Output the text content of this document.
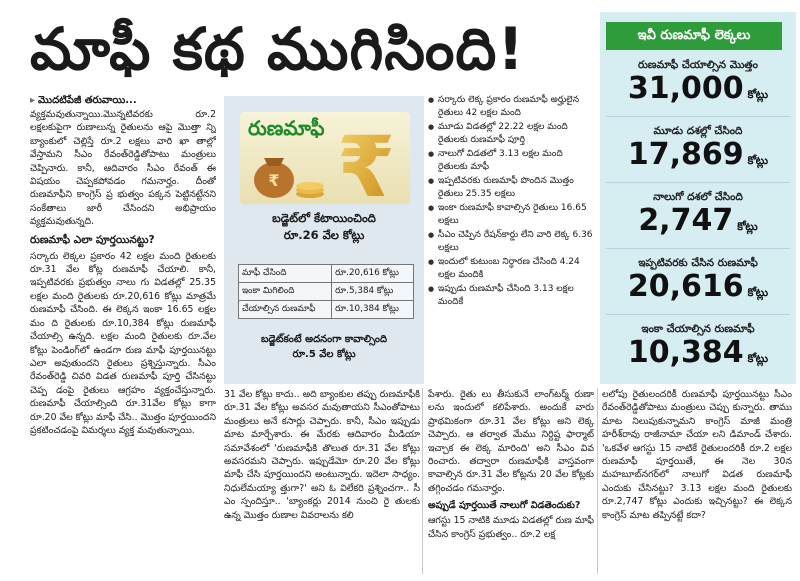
మాఫీ కథ ముగిసింది!
▸ మొదటిపేజీ తరువాయి...

వ్యక్తమవుతున్నాయి.మొన్నటివరకు రూ.2 లక్షలకుపైగా రుణాలున్న రైతులను ఆపై మొత్తా న్ని బ్యాంకులో చెల్లిస్తే రూ.2 లక్షలు వారి ఖా తాల్లో వేస్తామని సీఎం రేవంత్‌రెడ్డితోపాటు మంత్రులు చెప్పినారు. కానీ, ఆదివారం సీఎం రేవంత్ ఈ విషయం చెప్పకపోవడం గమనార్హం. దీంతో రుణమాఫీని కాంగ్రెస్ ప్ర భుత్వం పక్కన పెట్టినట్టేనని సంకేతాలు జారీ చేసిందని అభిప్రాయం వ్యక్తమవుతున్నది.

రుణమాఫీ ఎలా పూర్తయినట్టు?

సర్కారు లెక్కల ప్రకారం 42 లక్షల మంది రైతులకు రూ.31 వేల కోట్ల రుణమాఫీ చేయాలి. కానీ, ఇప్పటివరకు ప్రభుత్వం నాలు గు విడతల్లో 25.35 లక్షల మంది రైతులకు రూ.20,616 కోట్లు మాత్రమే రుణమాఫీ చేసింది. ఈ లెక్కన ఇంకా 16.65 లక్షల మం ది రైతులకు రూ.10,384 కోట్లు రుణమాఫీ చేయాల్సి ఉన్నది. లక్షల మంది రైతులకు రూ.వేల కోట్లు పెండింగ్‌లో ఉండగా రుణ మాఫీ పూర్తయినట్టు ఎలా అవుతుందని రైతులు ప్రశ్నిస్తున్నారు. సీఎం రేవంత్‌రెడ్డి చివరి విడత రుణమాఫీ పూర్తి చేసినట్టు చెప్ప డంపై రైతులు ఆగ్రహం వ్యక్తంచేస్తున్నారు. రుణమాఫీ చేయాల్సింది రూ.31వేల కోట్లు కాగా రూ.20 వేల కోట్లు మాఫీ చేసి.. మొత్తం పూర్తయిందని ప్రకటించడంపై విమర్శలు వ్యక్త మవుతున్నాయి.

₹ ₹
రుణమాఫీ
బడ్జెట్‌లో కేటాయించింది
రూ.26 వేల కోట్లు
మాఫీ చేసింది	రూ.20,616 కోట్లు
ఇంకా మిగిలింది	రూ.5,384 కోట్లు
చేయాల్సిన రుణమాఫీ	రూ.10,384 కోట్లు
బడ్జెట్‌కంటే అదనంగా కావాల్సింది
రూ.5 వేల కోట్లు
● సర్కారు లెక్క ప్రకారం రుణమాఫీ అర్హులైన రైతులు 42 లక్షల మంది
● మూడు విడతల్లో 22.22 లక్షల మంది రైతులకు రుణమాఫీ పూర్తి
● నాలుగో విడతలో 3.13 లక్షల మంది రైతులకు మాఫీ
● ఇప్పటివరకు రుణమాఫీ పొందిన మొత్తం రైతులు 25.35 లక్షలు
● ఇంకా రుణమాఫీ కావాల్సిన రైతులు 16.65 లక్షలు
● సీఎం చెప్పిన రేషన్‌కార్డు లేని వారి లెక్క 6.36 లక్షలు
● ఇందులో కుటుంబ నిర్ధారణ చేసింది 4.24 లక్షల మందికి
● ఇప్పుడు రుణమాఫీ చేసింది 3.13 లక్షల మందికే
ఇవీ రుణమాఫీ లెక్కలు
రుణమాఫీ చేయాల్సిన మొత్తం
31,000 కోట్లు
మూడు దశల్లో చేసింది
17,869 కోట్లు
నాలుగో దశలో చేసింది
2,747 కోట్లు
ఇప్పటివరకు చేసిన రుణమాఫీ
20,616 కోట్లు
ఇంకా చేయాల్సిన రుణమాఫీ
10,384 కోట్లు

31 వేల కోట్లు కాదు.. అది బ్యాంకుల తప్పు రుణమాఫీకి రూ.31 వేల కోట్లు అవసర మవుతాయని సీఎంతోపాటు మంత్రులు అనే కసార్లు చెప్పారు. కానీ, సీఎం ఇప్పుడు మాట మార్చేశారు. ఈ మేరకు ఆదివారం మీడియా సమావేశంలో 'రుణమాఫీకి తొలుత రూ.31 వేల కోట్లు అవసరమని చెప్పారు. ఇప్పుడేమో రూ.20 వేల కోట్లు మాఫీ చేసి పూర్తయిందని అంటున్నారు. ఇదెలా సాధ్యం. నిధులేమయ్యా త్తుగా?' అని ఓ విలేకరి ప్రశ్నించగా.. సీ ఎం స్పందిస్తూ.. 'బ్యాంకర్లు 2014 నుంచి రై తులకు ఉన్న మొత్తం రుణాల వివరాలను కలి

పేశారు. రైతు లు తీసుకునే లాంగ్‌టర్మ్ రుణా లను ఇందులో కలిపేశారు. అందుకే వారు ప్రాథమికంగా రూ.31 వేల కోట్లు అని లెక్క చెప్పారు. ఆ తర్వాత మేము నిర్దిష్ట ఫార్మాట్ ఇచ్చాక ఈ లెక్క మారింది' అని సీఎం వివ రించారు. తద్వారా రుణమాఫీకి వాస్తవంగా కావాల్సిన రూ.31 వేల కోట్లను 20 వేల కోట్లకు తగ్గించడం గమనార్హం.

అప్పుడే పూర్తయితే నాలుగో విడతెందుకు?

ఆగస్టు 15 నాటికి మూడు విడతల్లో రుణ మాఫీ చేసిన కాంగ్రెస్ ప్రభుత్వం.. రూ.2 లక్ష

లలోపు రైతులందరికీ రుణమాఫీ పూర్తయినట్టు సీఎం రేవంత్‌రెడ్డితోపాటు మంత్రులు చెప్పు కున్నారు. తాము మాట నిలుపుకున్నామని కాంగ్రెస్ మాజీ మంత్రి హరీశ్‌రావు రాజీనామా చేయా లని డిమాండ్ చేశారు. 'ఒకవేళ ఆగస్టు 15 నాటికే రైతులందరికీ రూ.2 లక్షల రుణమాఫీ పూర్తయితే, ఈ నెల 30న మహబూబ్‌నగర్‌లో నాలుగో విడత రుణమాఫీ ఎందుకు చేసినట్టు? 3.13 లక్షల మంది రైతులకు రూ.2,747 కోట్లు ఎందుకు ఇచ్చినట్టు? ఈ లెక్కన కాంగ్రెస్ మాట తప్పినట్టే కదా?
